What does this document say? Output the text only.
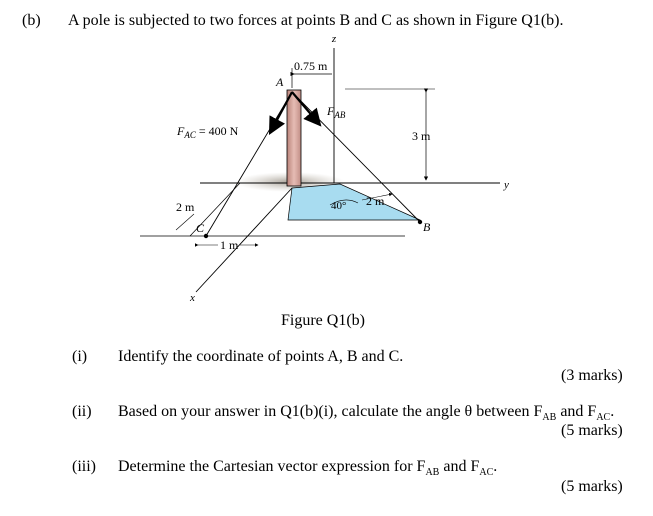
(b) A pole is subjected to two forces at points B and C as shown in Figure Q1(b).
z
y
x
A
B
C
0.75 m
3 m
2 m
2 m
1 m
40°
$F_{AC} = 400$ N
$F_{AB}$
Figure Q1(b)
(i) Identify the coordinate of points A, B and C.
(3 marks)
(ii) Based on your answer in Q1(b)(i), calculate the angle θ between $F_{AB}$ and $F_{AC}$.
(5 marks)
(iii) Determine the Cartesian vector expression for $F_{AB}$ and $F_{AC}$.
(5 marks)
